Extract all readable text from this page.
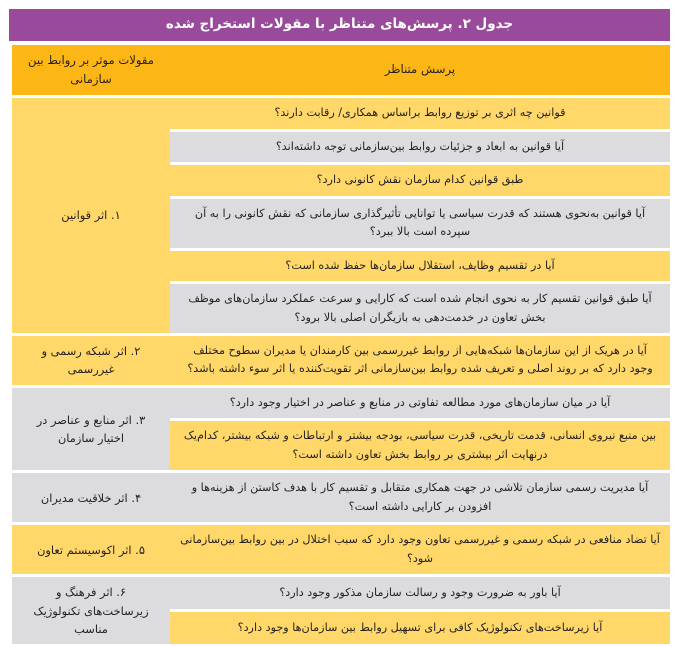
جدول ۲. پرسش‌های متناظر با مقولات استخراج شده
پرسش متناظر	مقولات موثر بر روابط بین سازمانی
قوانین چه اثری بر توزیع روابط براساس همکاری/ رقابت دارند؟	۱. اثر قوانین
آیا قوانین به ابعاد و جزئیات روابط بین‌سازمانی توجه داشته‌اند؟	
طبق قوانین کدام سازمان نقش کانونی دارد؟	
آیا قوانین به‌نحوی هستند که قدرت سیاسی یا توانایی تأثیرگذاری سازمانی که نقش کانونی را به آن سپرده است بالا ببرد؟	
آیا در تقسیم وظایف، استقلال سازمان‌ها حفظ شده است؟	
آیا طبق قوانین تقسیم کار به نحوی انجام شده است که کارایی و سرعت عملکرد سازمان‌های موظف بخش تعاون در خدمت‌دهی به بازیگران اصلی بالا برود؟	
آیا در هریک از این سازمان‌ها شبکه‌هایی از روابط غیررسمی بین کارمندان یا مدیران سطوح مختلف وجود دارد که بر روند اصلی و تعریف شده روابط بین‌سازمانی اثر تقویت‌کننده یا اثر سوء داشته باشد؟	۲. اثر شبکه رسمی و غیررسمی
آیا در میان سازمان‌های مورد مطالعه تفاوتی در منابع و عناصر در اختیار وجود دارد؟	۳. اثر منابع و عناصر در اختیار سازمان
بین منبع نیروی انسانی، قدمت تاریخی، قدرت سیاسی، بودجه بیشتر و ارتباطات و شبکه بیشتر، کدام‌یک درنهایت اثر بیشتری بر روابط بخش تعاون داشته است؟	
آیا مدیریت رسمی سازمان تلاشی در جهت همکاری متقابل و تقسیم کار با هدف کاستن از هزینه‌ها و افزودن بر کارایی داشته است؟	۴. اثر خلاقیت مدیران
آیا تضاد منافعی در شبکه رسمی و غیررسمی تعاون وجود دارد که سبب اختلال در بین روابط بین‌سازمانی شود؟	۵. اثر اکوسیستم تعاون
آیا باور به ضرورت وجود و رسالت سازمان مذکور وجود دارد؟	۶. اثر فرهنگ و زیرساخت‌های تکنولوژیک مناسب
آیا زیرساخت‌های تکنولوژیک کافی برای تسهیل روابط بین سازمان‌ها وجود دارد؟	
